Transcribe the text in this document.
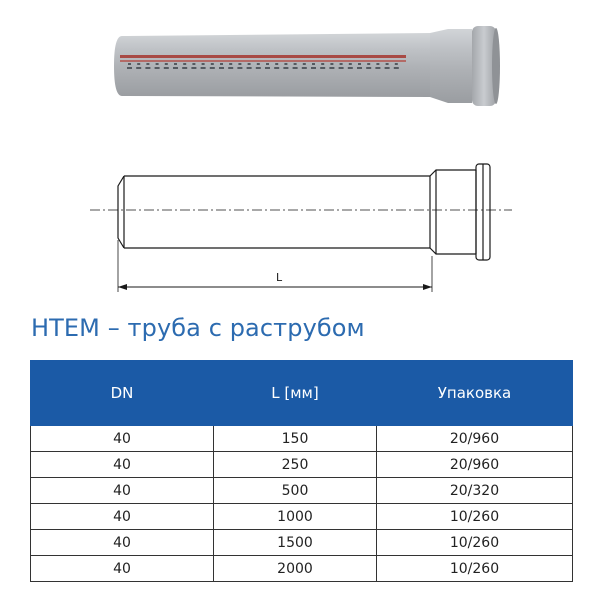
L
HTEM – труба с раструбом
DN	L [мм]	Упаковка
40	150	20/960
40	250	20/960
40	500	20/320
40	1000	10/260
40	1500	10/260
40	2000	10/260
